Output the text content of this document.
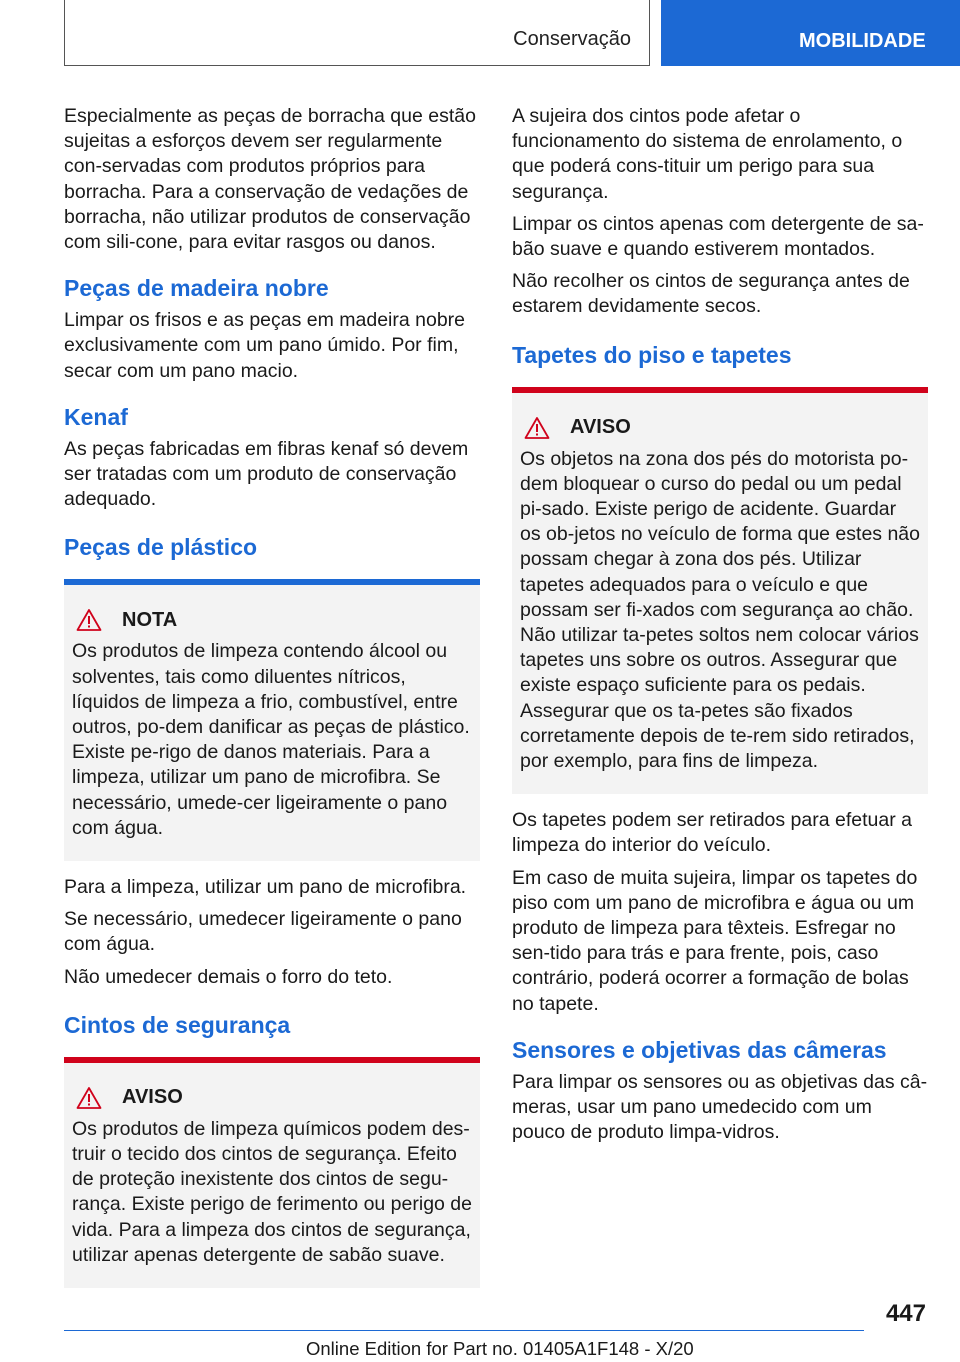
Conservação	MOBILIDADE

Especialmente as peças de borracha que estão sujeitas a esforços devem ser regularmente con-servadas com produtos próprios para borracha. Para a conservação de vedações de borracha, não utilizar produtos de conservação com sili-cone, para evitar rasgos ou danos.

Peças de madeira nobre

Limpar os frisos e as peças em madeira nobre exclusivamente com um pano úmido. Por fim, secar com um pano macio.

Kenaf

As peças fabricadas em fibras kenaf só devem ser tratadas com um produto de conservação adequado.

Peças de plástico
NOTA

Os produtos de limpeza contendo álcool ou solventes, tais como diluentes nítricos, líquidos de limpeza a frio, combustível, entre outros, po-dem danificar as peças de plástico. Existe pe-rigo de danos materiais. Para a limpeza, utilizar um pano de microfibra. Se necessário, umede-cer ligeiramente o pano com água.

Para a limpeza, utilizar um pano de microfibra.

Se necessário, umedecer ligeiramente o pano com água.

Não umedecer demais o forro do teto.

Cintos de segurança
AVISO

Os produtos de limpeza químicos podem des-truir o tecido dos cintos de segurança. Efeito de proteção inexistente dos cintos de segu-rança. Existe perigo de ferimento ou perigo de vida. Para a limpeza dos cintos de segurança, utilizar apenas detergente de sabão suave.

A sujeira dos cintos pode afetar o funcionamento do sistema de enrolamento, o que poderá cons-tituir um perigo para sua segurança.

Limpar os cintos apenas com detergente de sa-bão suave e quando estiverem montados.

Não recolher os cintos de segurança antes de estarem devidamente secos.

Tapetes do piso e tapetes
AVISO

Os objetos na zona dos pés do motorista po-dem bloquear o curso do pedal ou um pedal pi-sado. Existe perigo de acidente. Guardar os ob-jetos no veículo de forma que estes não possam chegar à zona dos pés. Utilizar tapetes adequados para o veículo e que possam ser fi-xados com segurança ao chão. Não utilizar ta-petes soltos nem colocar vários tapetes uns sobre os outros. Assegurar que existe espaço suficiente para os pedais. Assegurar que os ta-petes são fixados corretamente depois de te-rem sido retirados, por exemplo, para fins de limpeza.

Os tapetes podem ser retirados para efetuar a limpeza do interior do veículo.

Em caso de muita sujeira, limpar os tapetes do piso com um pano de microfibra e água ou um produto de limpeza para têxteis. Esfregar no sen-tido para trás e para frente, pois, caso contrário, poderá ocorrer a formação de bolas no tapete.

Sensores e objetivas das câmeras

Para limpar os sensores ou as objetivas das câ-meras, usar um pano umedecido com um pouco de produto limpa-vidros.

447
Online Edition for Part no. 01405A1F148 - X/20
